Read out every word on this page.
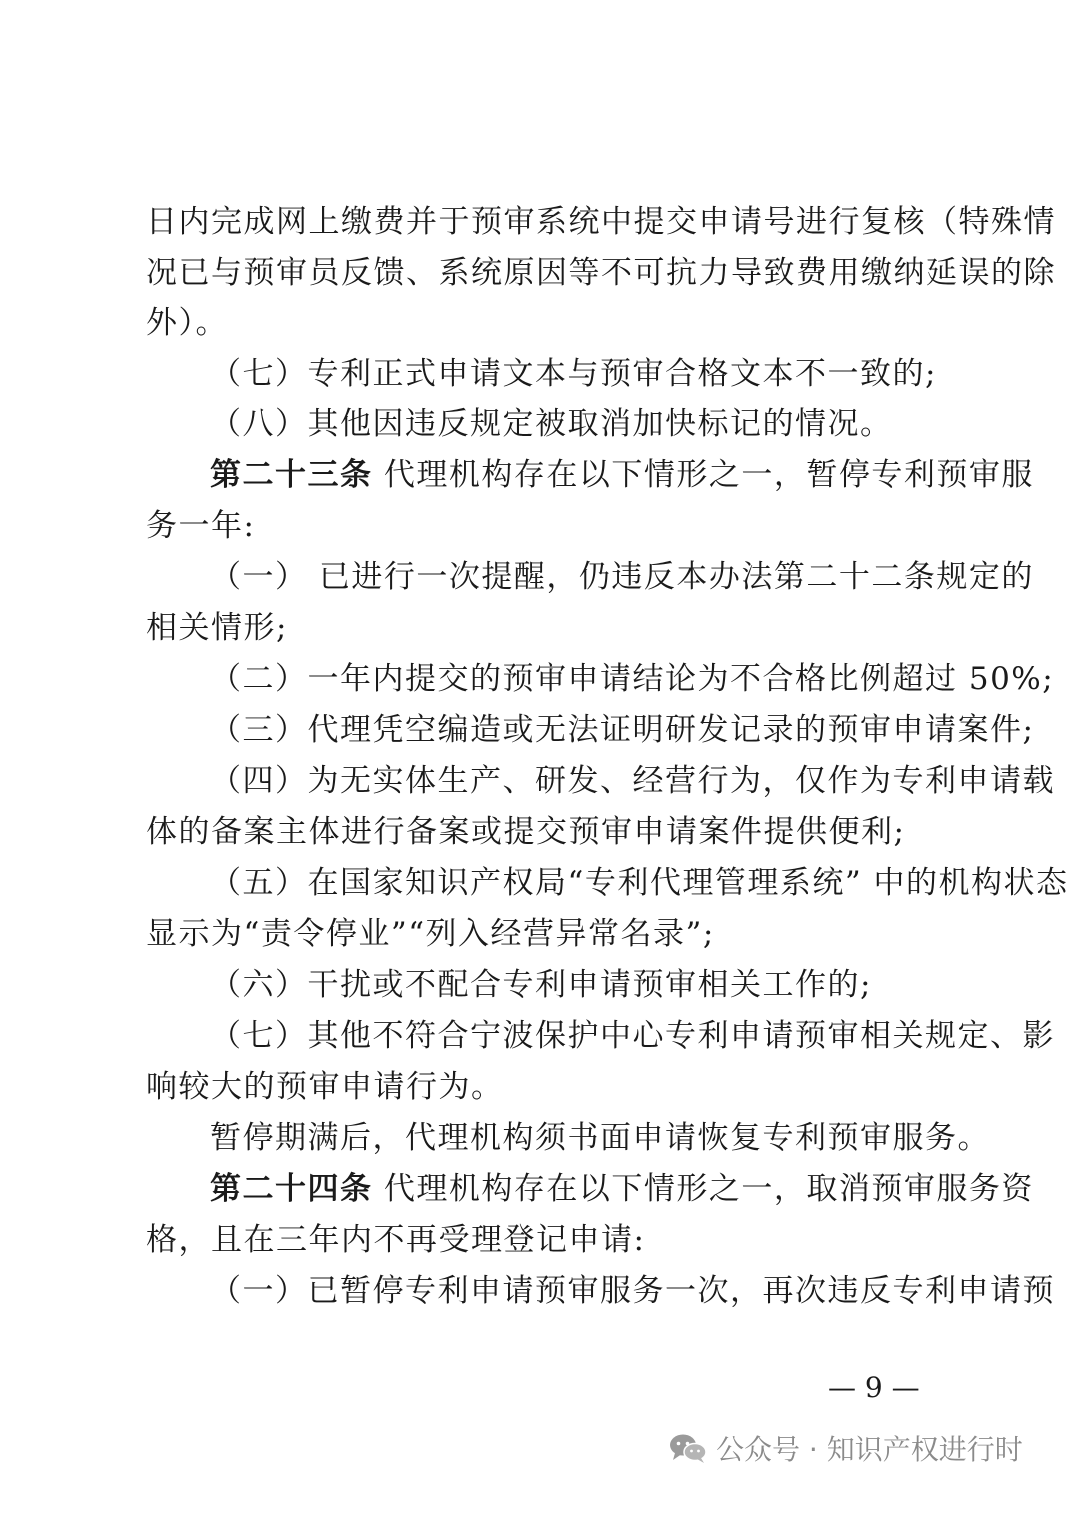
日内完成网上缴费并于预审系统中提交申请号进行复核（特殊情
况已与预审员反馈、系统原因等不可抗力导致费用缴纳延误的除
外）。
（七）专利正式申请文本与预审合格文本不一致的;
（八）其他因违反规定被取消加快标记的情况。
第二十三条 代理机构存在以下情形之一，暂停专利预审服
务一年:
（一） 已进行一次提醒，仍违反本办法第二十二条规定的
相关情形;
（二）一年内提交的预审申请结论为不合格比例超过 50%;
（三）代理凭空编造或无法证明研发记录的预审申请案件;
（四）为无实体生产、研发、经营行为，仅作为专利申请载
体的备案主体进行备案或提交预审申请案件提供便利;
（五）在国家知识产权局“专利代理管理系统” 中的机构状态
显示为“责令停业”“列入经营异常名录”;
（六）干扰或不配合专利申请预审相关工作的;
（七）其他不符合宁波保护中心专利申请预审相关规定、影
响较大的预审申请行为。
暂停期满后，代理机构须书面申请恢复专利预审服务。
第二十四条 代理机构存在以下情形之一，取消预审服务资
格，且在三年内不再受理登记申请:
（一）已暂停专利申请预审服务一次，再次违反专利申请预
— 9 —
公众号 · 知识产权进行时
